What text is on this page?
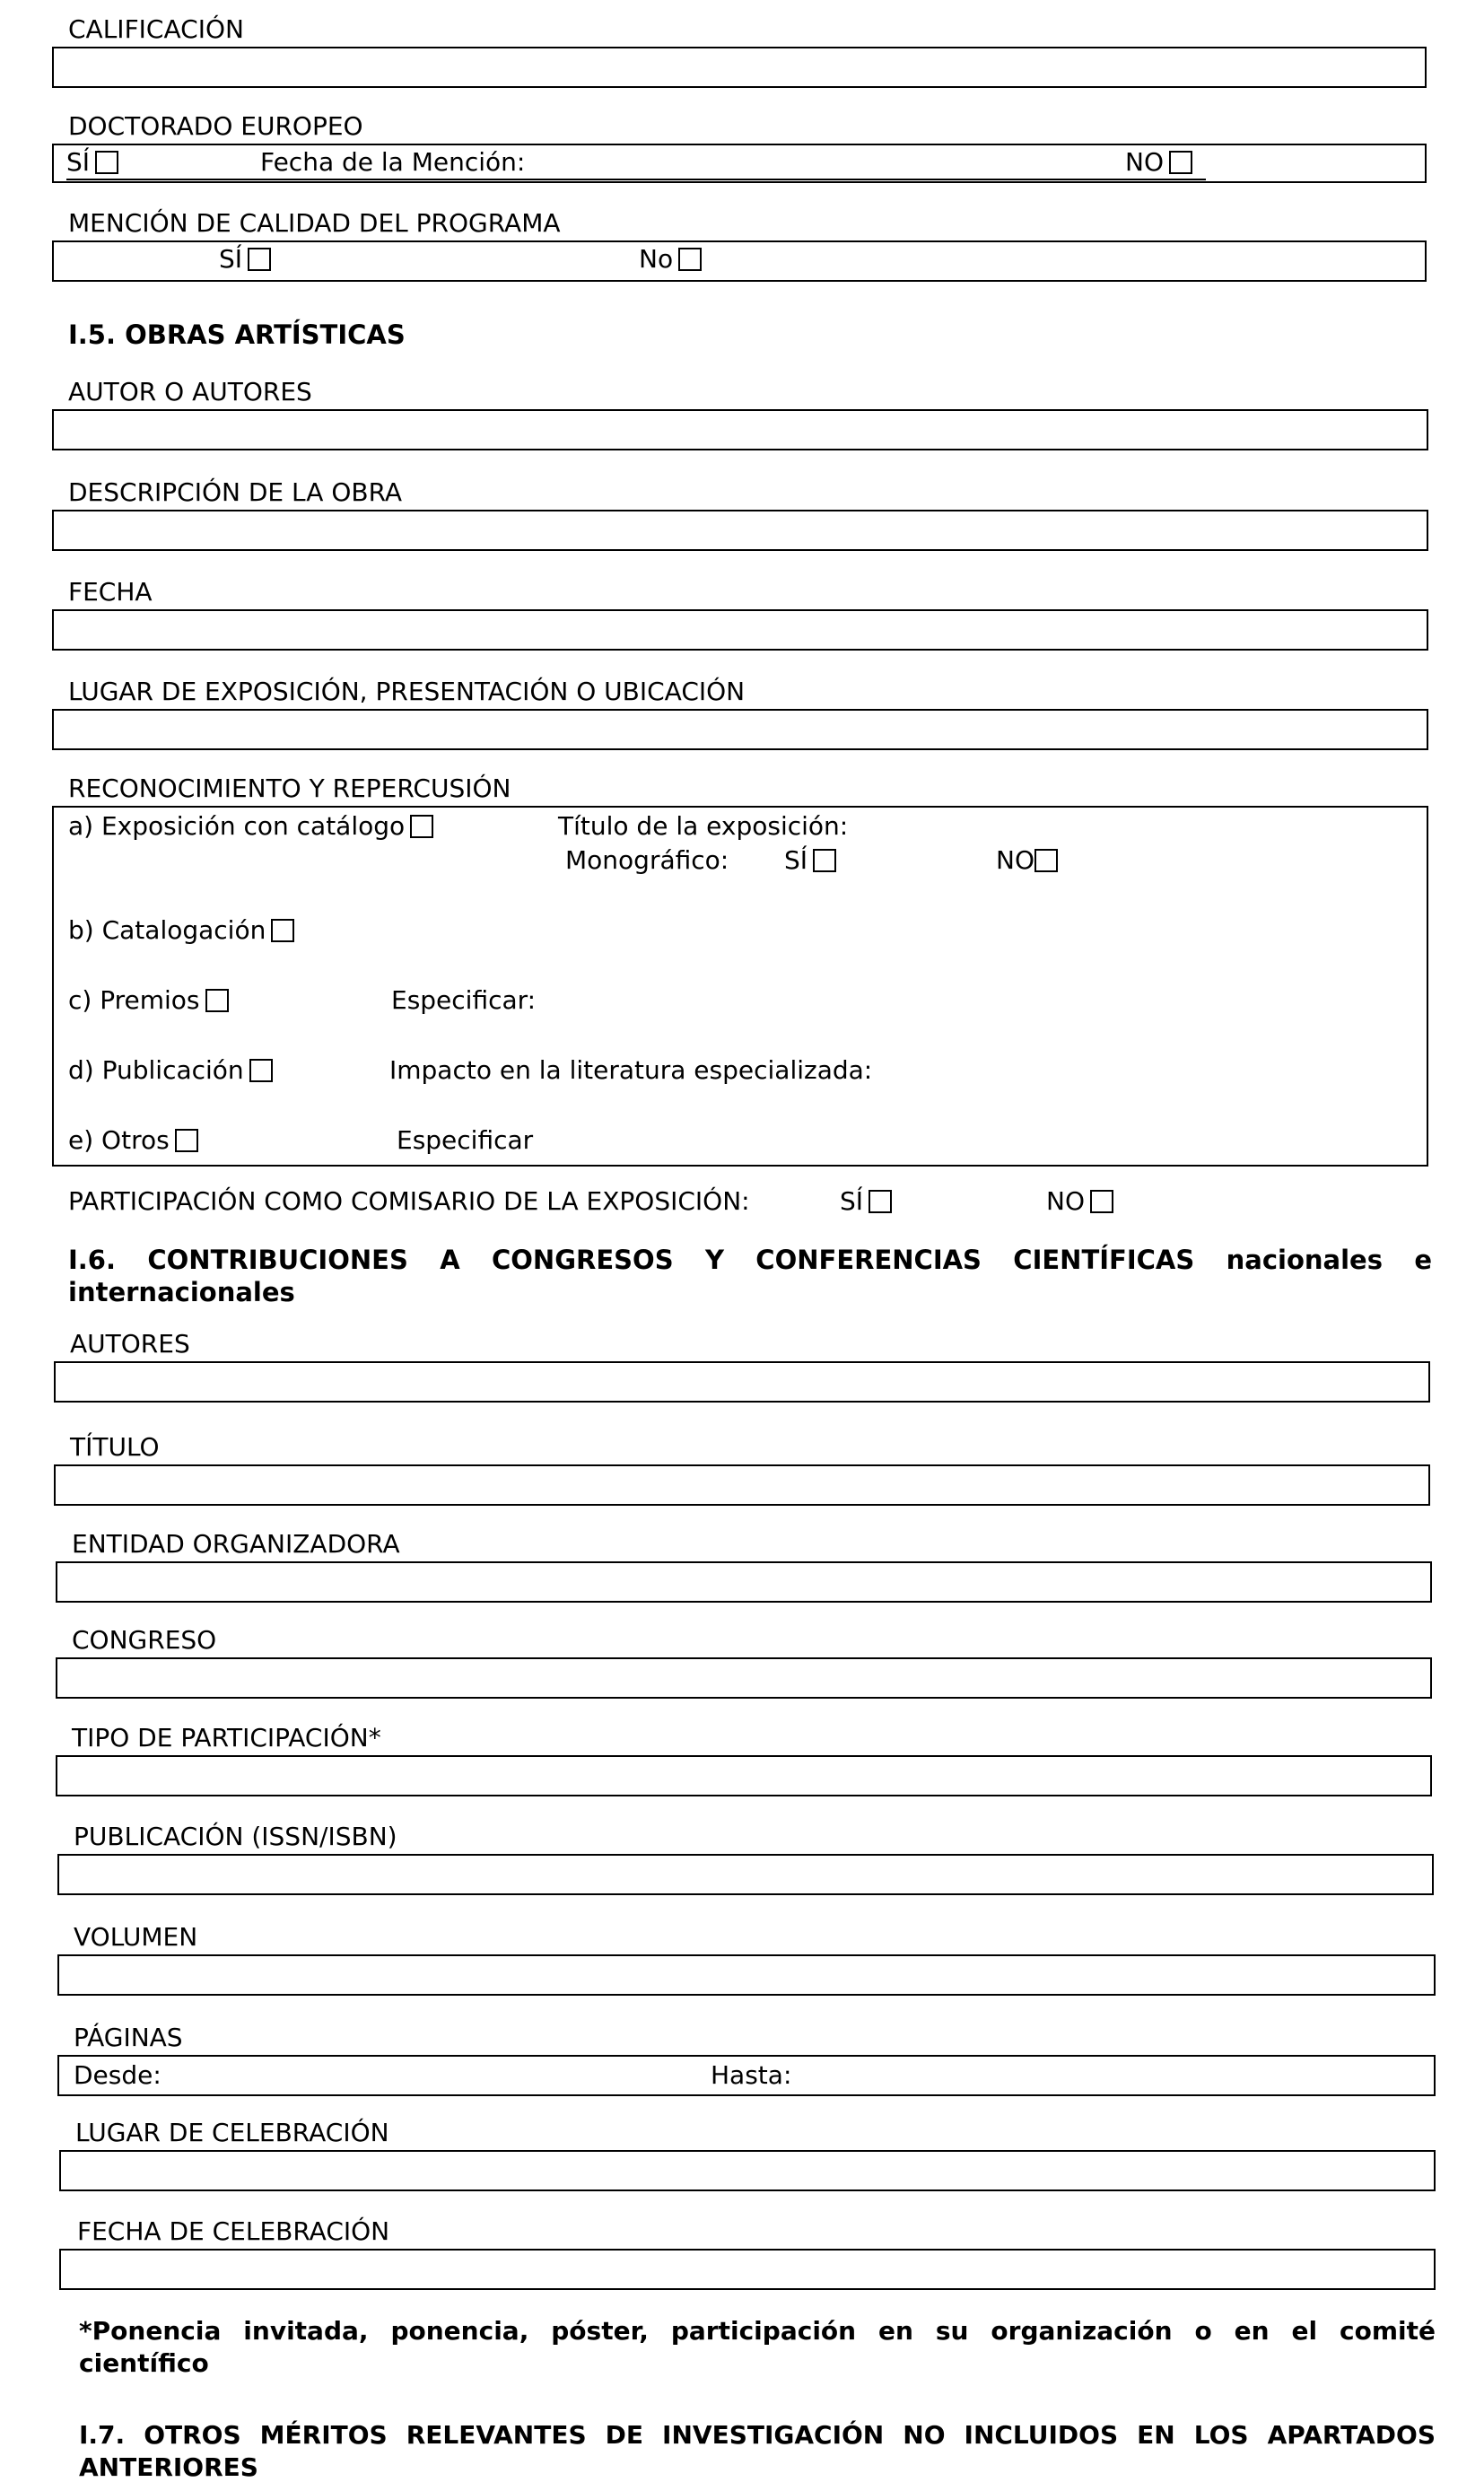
CALIFICACIÓN
DOCTORADO EUROPEO
SÍ	Fecha de la Mención:	NO
MENCIÓN DE CALIDAD DEL PROGRAMA
SÍ	No
I.5. OBRAS ARTÍSTICAS
AUTOR O AUTORES
DESCRIPCIÓN DE LA OBRA
FECHA
LUGAR DE EXPOSICIÓN, PRESENTACIÓN O UBICACIÓN
RECONOCIMIENTO Y REPERCUSIÓN
a) Exposición con catálogo	Título de la exposición:
Monográfico: SÍ	NO
b) Catalogación
c) Premios	Especificar:
d) Publicación	Impacto en la literatura especializada:
e) Otros	Especificar
PARTICIPACIÓN COMO COMISARIO DE LA EXPOSICIÓN:	SÍ	NO
I.6. CONTRIBUCIONES A CONGRESOS Y CONFERENCIAS CIENTÍFICAS nacionales e
internacionales
AUTORES
TÍTULO
ENTIDAD ORGANIZADORA
CONGRESO
TIPO DE PARTICIPACIÓN*
PUBLICACIÓN (ISSN/ISBN)
VOLUMEN
PÁGINAS
Desde:	Hasta:
LUGAR DE CELEBRACIÓN
FECHA DE CELEBRACIÓN
*Ponencia invitada, ponencia, póster, participación en su organización o en el comité
científico
I.7. OTROS MÉRITOS RELEVANTES DE INVESTIGACIÓN NO INCLUIDOS EN LOS APARTADOS
ANTERIORES
